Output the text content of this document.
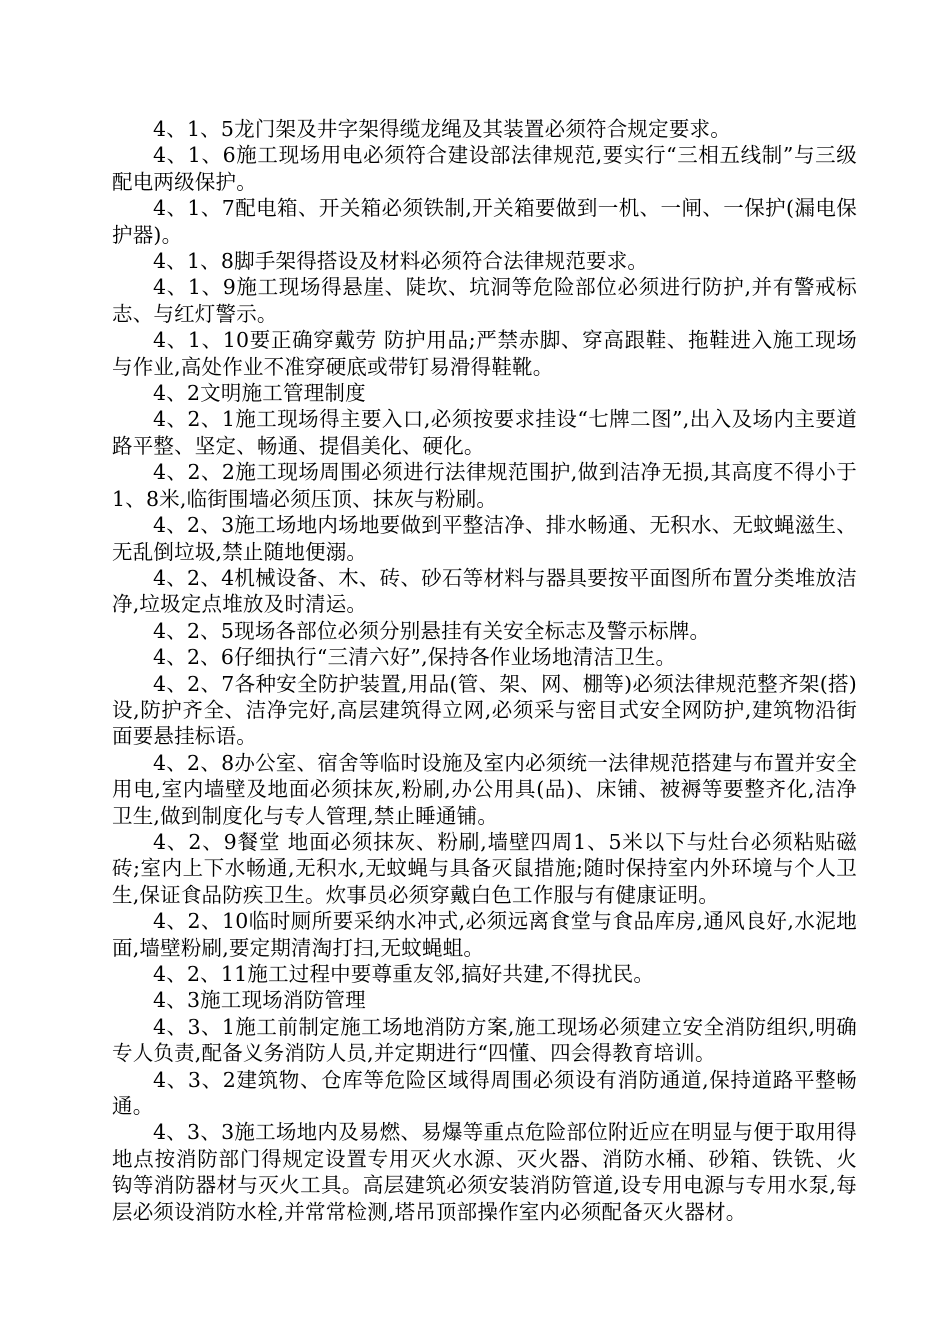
4、1、5龙门架及井字架得缆龙绳及其装置必须符合规定要求。

4、1、6施工现场用电必须符合建设部法律规范,要实行“三相五线制”与三级配电两级保护。

4、1、7配电箱、开关箱必须铁制,开关箱要做到一机、一闸、一保护(漏电保护器)。

4、1、8脚手架得搭设及材料必须符合法律规范要求。

4、1、9施工现场得悬崖、陡坎、坑洞等危险部位必须进行防护,并有警戒标志、与红灯警示。

4、1、10要正确穿戴劳 防护用品;严禁赤脚、穿高跟鞋、拖鞋进入施工现场与作业,高处作业不准穿硬底或带钉易滑得鞋靴。

4、2文明施工管理制度

4、2、1施工现场得主要入口,必须按要求挂设“七牌二图”,出入及场内主要道路平整、坚定、畅通、提倡美化、硬化。

4、2、2施工现场周围必须进行法律规范围护,做到洁净无损,其高度不得小于1、8米,临街围墙必须压顶、抹灰与粉刷。

4、2、3施工场地内场地要做到平整洁净、排水畅通、无积水、无蚊蝇滋生、无乱倒垃圾,禁止随地便溺。

4、2、4机械设备、木、砖、砂石等材料与器具要按平面图所布置分类堆放洁净,垃圾定点堆放及时清运。

4、2、5现场各部位必须分别悬挂有关安全标志及警示标牌。

4、2、6仔细执行“三清六好”,保持各作业场地清洁卫生。

4、2、7各种安全防护装置,用品(管、架、网、棚等)必须法律规范整齐架(搭)设,防护齐全、洁净完好,高层建筑得立网,必须采与密目式安全网防护,建筑物沿街面要悬挂标语。

4、2、8办公室、宿舍等临时设施及室内必须统一法律规范搭建与布置并安全用电,室内墙壁及地面必须抹灰,粉刷,办公用具(品)、床铺、被褥等要整齐化,洁净卫生,做到制度化与专人管理,禁止睡通铺。

4、2、9餐堂 地面必须抹灰、粉刷,墙壁四周1、5米以下与灶台必须粘贴磁砖;室内上下水畅通,无积水,无蚊蝇与具备灭鼠措施;随时保持室内外环境与个人卫生,保证食品防疾卫生。炊事员必须穿戴白色工作服与有健康证明。

4、2、10临时厕所要采纳水冲式,必须远离食堂与食品库房,通风良好,水泥地面,墙壁粉刷,要定期清淘打扫,无蚊蝇蛆。

4、2、11施工过程中要尊重友邻,搞好共建,不得扰民。

4、3施工现场消防管理

4、3、1施工前制定施工场地消防方案,施工现场必须建立安全消防组织,明确专人负责,配备义务消防人员,并定期进行“四懂、四会得教育培训。

4、3、2建筑物、仓库等危险区域得周围必须设有消防通道,保持道路平整畅通。

4、3、3施工场地内及易燃、易爆等重点危险部位附近应在明显与便于取用得地点按消防部门得规定设置专用灭火水源、灭火器、消防水桶、砂箱、铁铣、火钩等消防器材与灭火工具。高层建筑必须安装消防管道,设专用电源与专用水泵,每层必须设消防水栓,并常常检测,塔吊顶部操作室内必须配备灭火器材。
